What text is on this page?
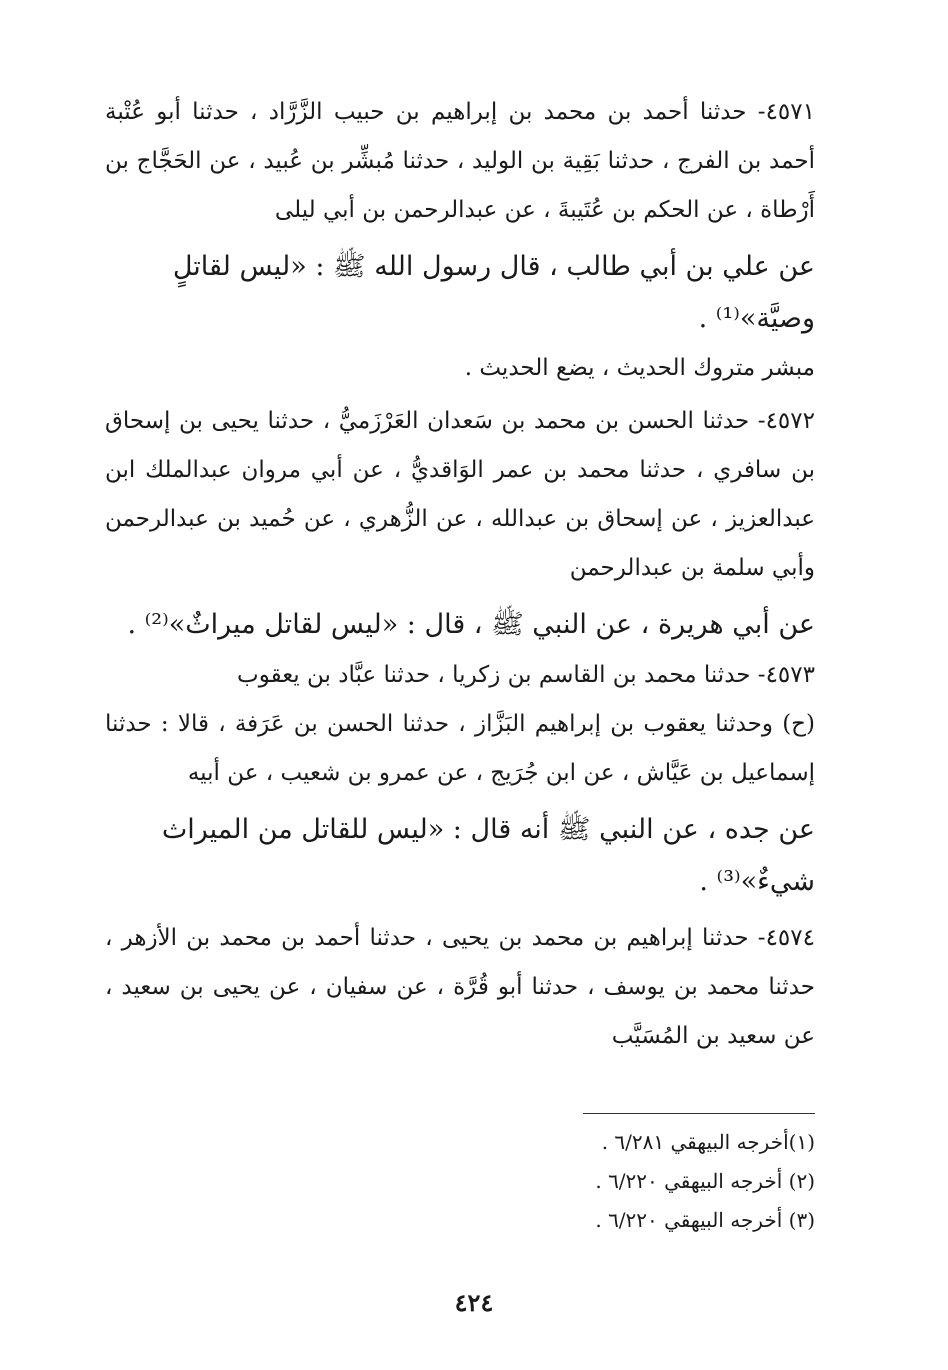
٤٥٧١- حدثنا أحمد بن محمد بن إبراهيم بن حبيب الزَّرَّاد ، حدثنا أبو عُتْبة أحمد بن الفرج ، حدثنا بَقِية بن الوليد ، حدثنا مُبشِّر بن عُبيد ، عن الحَجَّاج بن أَرْطاة ، عن الحكم بن عُتَيبةَ ، عن عبدالرحمن بن أبي ليلى

عن علي بن أبي طالب ، قال رسول الله ﷺ : «ليس لقاتلٍ وصيَّة»⁽¹⁾ .

مبشر متروك الحديث ، يضع الحديث .

٤٥٧٢- حدثنا الحسن بن محمد بن سَعدان العَرْزَميُّ ، حدثنا يحيى بن إسحاق بن سافري ، حدثنا محمد بن عمر الوَاقديُّ ، عن أبي مروان عبدالملك ابن عبدالعزيز ، عن إسحاق بن عبدالله ، عن الزُّهري ، عن حُميد بن عبدالرحمن وأبي سلمة بن عبدالرحمن

عن أبي هريرة ، عن النبي ﷺ ، قال : «ليس لقاتل ميراثٌ»⁽²⁾ .

٤٥٧٣- حدثنا محمد بن القاسم بن زكريا ، حدثنا عبَّاد بن يعقوب

(ح) وحدثنا يعقوب بن إبراهيم البَزَّاز ، حدثنا الحسن بن عَرَفة ، قالا : حدثنا إسماعيل بن عَيَّاش ، عن ابن جُرَيج ، عن عمرو بن شعيب ، عن أبيه

عن جده ، عن النبي ﷺ أنه قال : «ليس للقاتل من الميراث شيءٌ»⁽³⁾ .

٤٥٧٤- حدثنا إبراهيم بن محمد بن يحيى ، حدثنا أحمد بن محمد بن الأزهر ، حدثنا محمد بن يوسف ، حدثنا أبو قُرَّة ، عن سفيان ، عن يحيى بن سعيد ، عن سعيد بن المُسَيَّب

(١)أخرجه البيهقي ٦/٢٨١ .
(٢) أخرجه البيهقي ٦/٢٢٠ .
(٣) أخرجه البيهقي ٦/٢٢٠ .
٤٢٤
